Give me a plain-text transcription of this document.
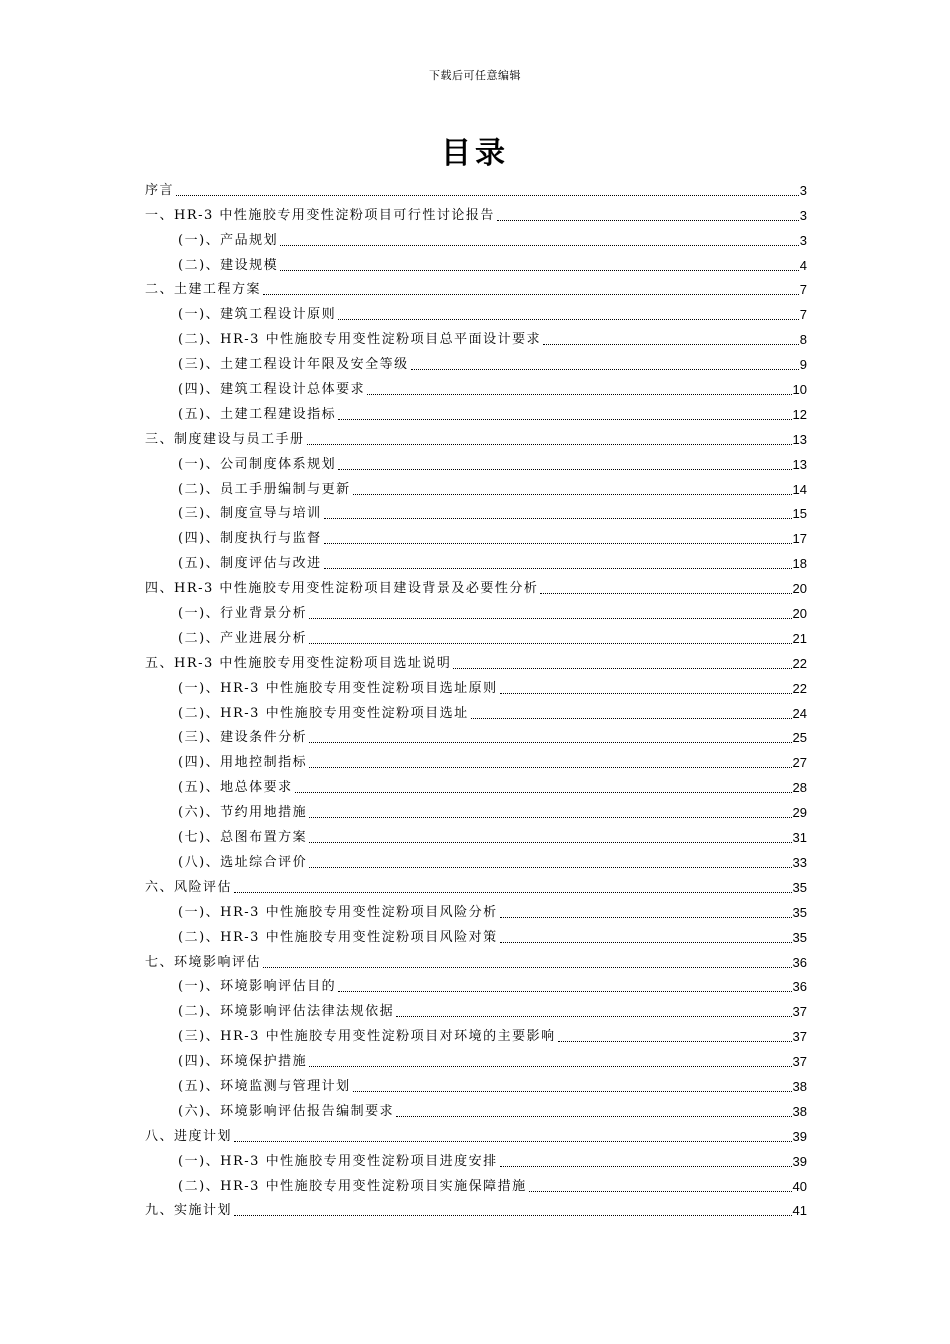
下载后可任意编辑
目录
序言	3
一、HR-3 中性施胶专用变性淀粉项目可行性讨论报告	3
(一)、产品规划	3
(二)、建设规模	4
二、土建工程方案	7
(一)、建筑工程设计原则	7
(二)、HR-3 中性施胶专用变性淀粉项目总平面设计要求	8
(三)、土建工程设计年限及安全等级	9
(四)、建筑工程设计总体要求	10
(五)、土建工程建设指标	12
三、制度建设与员工手册	13
(一)、公司制度体系规划	13
(二)、员工手册编制与更新	14
(三)、制度宣导与培训	15
(四)、制度执行与监督	17
(五)、制度评估与改进	18
四、HR-3 中性施胶专用变性淀粉项目建设背景及必要性分析	20
(一)、行业背景分析	20
(二)、产业进展分析	21
五、HR-3 中性施胶专用变性淀粉项目选址说明	22
(一)、HR-3 中性施胶专用变性淀粉项目选址原则	22
(二)、HR-3 中性施胶专用变性淀粉项目选址	24
(三)、建设条件分析	25
(四)、用地控制指标	27
(五)、地总体要求	28
(六)、节约用地措施	29
(七)、总图布置方案	31
(八)、选址综合评价	33
六、风险评估	35
(一)、HR-3 中性施胶专用变性淀粉项目风险分析	35
(二)、HR-3 中性施胶专用变性淀粉项目风险对策	35
七、环境影响评估	36
(一)、环境影响评估目的	36
(二)、环境影响评估法律法规依据	37
(三)、HR-3 中性施胶专用变性淀粉项目对环境的主要影响	37
(四)、环境保护措施	37
(五)、环境监测与管理计划	38
(六)、环境影响评估报告编制要求	38
八、进度计划	39
(一)、HR-3 中性施胶专用变性淀粉项目进度安排	39
(二)、HR-3 中性施胶专用变性淀粉项目实施保障措施	40
九、实施计划	41
